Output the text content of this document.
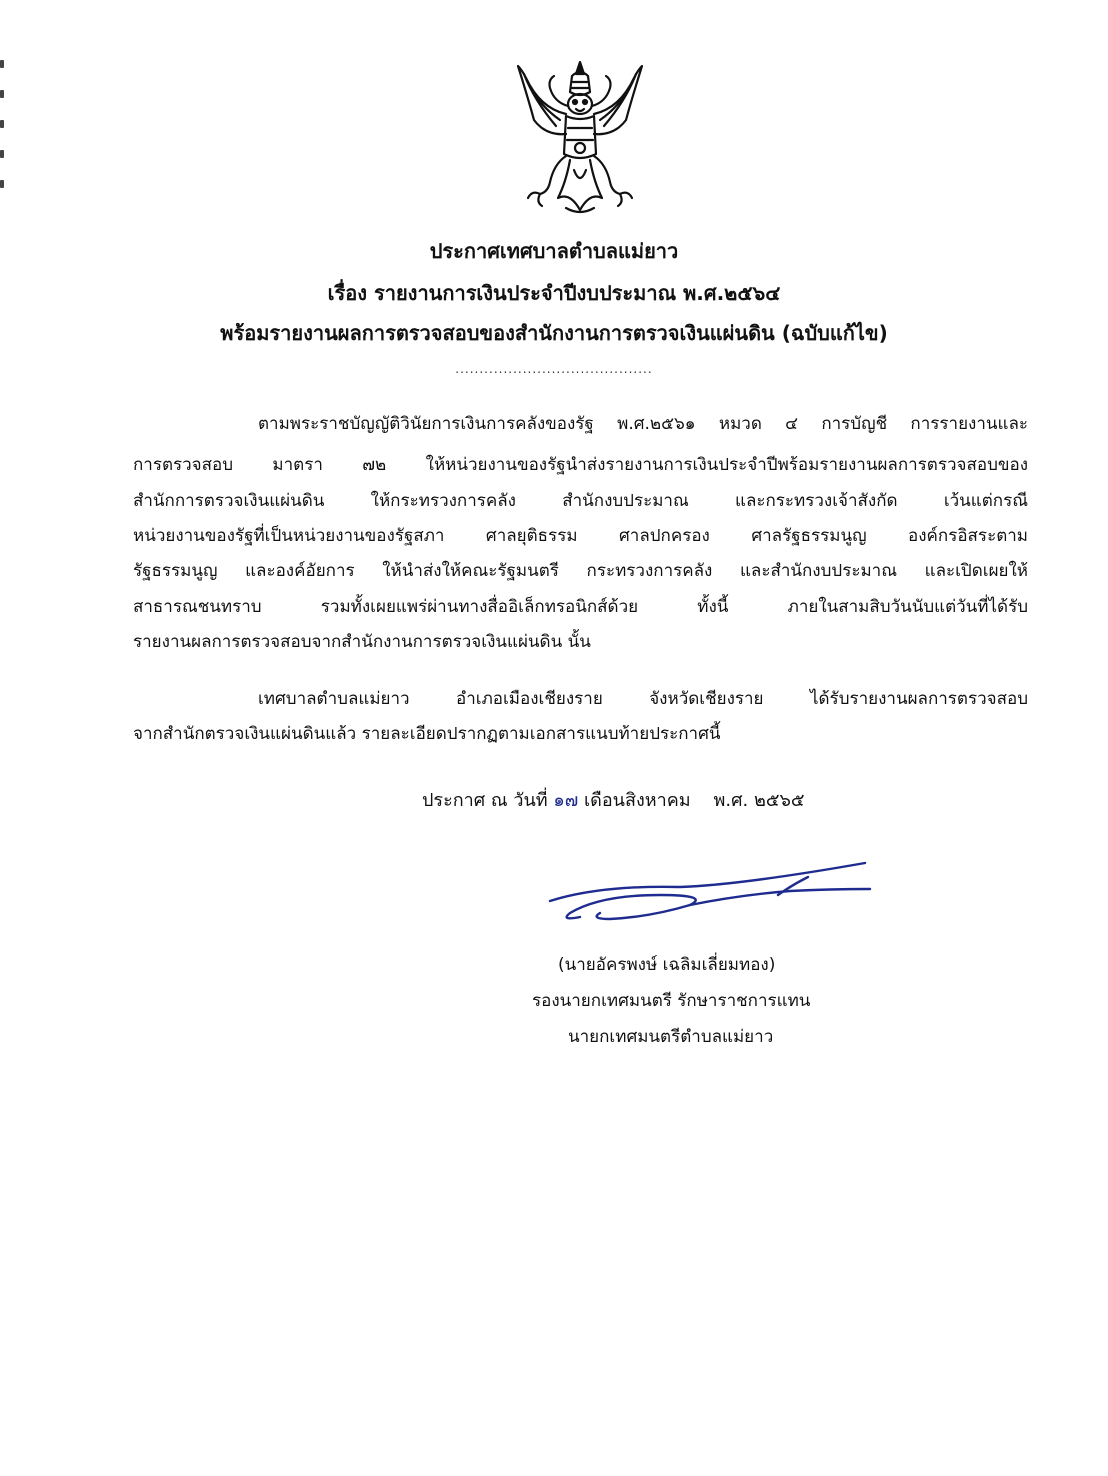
ประกาศเทศบาลตำบลแม่ยาว
เรื่อง รายงานการเงินประจำปีงบประมาณ พ.ศ.๒๕๖๔
พร้อมรายงานผลการตรวจสอบของสำนักงานการตรวจเงินแผ่นดิน (ฉบับแก้ไข)
.........................................
ตามพระราชบัญญัติวินัยการเงินการคลังของรัฐ พ.ศ.๒๕๖๑ หมวด ๔ การบัญชี การรายงานและ
การตรวจสอบ มาตรา ๗๒ ให้หน่วยงานของรัฐนำส่งรายงานการเงินประจำปีพร้อมรายงานผลการตรวจสอบของ
สำนักการตรวจเงินแผ่นดิน ให้กระทรวงการคลัง สำนักงบประมาณ และกระทรวงเจ้าสังกัด เว้นแต่กรณี
หน่วยงานของรัฐที่เป็นหน่วยงานของรัฐสภา ศาลยุติธรรม ศาลปกครอง ศาลรัฐธรรมนูญ องค์กรอิสระตาม
รัฐธรรมนูญ และองค์อัยการ ให้นำส่งให้คณะรัฐมนตรี กระทรวงการคลัง และสำนักงบประมาณ และเปิดเผยให้
สาธารณชนทราบ รวมทั้งเผยแพร่ผ่านทางสื่ออิเล็กทรอนิกส์ด้วย ทั้งนี้ ภายในสามสิบวันนับแต่วันที่ได้รับ
รายงานผลการตรวจสอบจากสำนักงานการตรวจเงินแผ่นดิน นั้น
เทศบาลตำบลแม่ยาว อำเภอเมืองเชียงราย จังหวัดเชียงราย ได้รับรายงานผลการตรวจสอบ
จากสำนักตรวจเงินแผ่นดินแล้ว รายละเอียดปรากฏตามเอกสารแนบท้ายประกาศนี้
ประกาศ ณ วันที่ ๑๗ เดือนสิงหาคม    พ.ศ. ๒๕๖๕
(นายอัครพงษ์ เฉลิมเลี่ยมทอง)
รองนายกเทศมนตรี รักษาราชการแทน
นายกเทศมนตรีตำบลแม่ยาว
